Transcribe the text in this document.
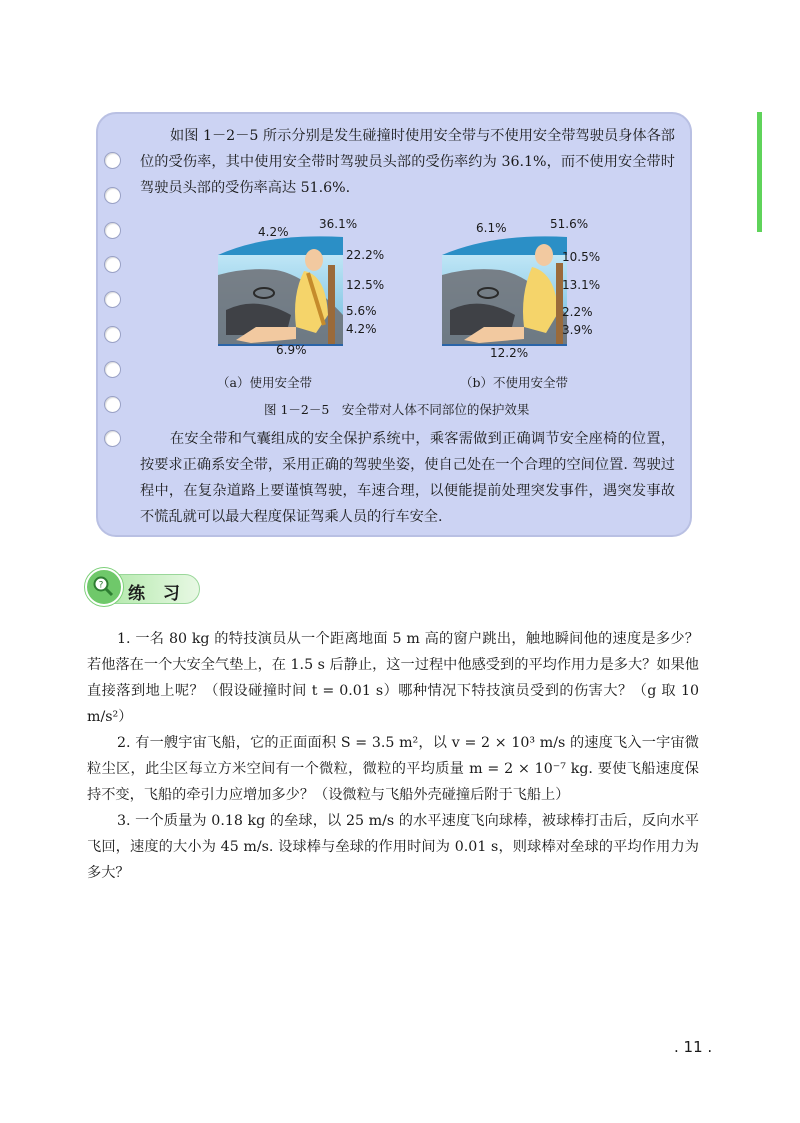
如图 1－2－5 所示分别是发生碰撞时使用安全带与不使用安全带驾驶员身体各部位的受伤率，其中使用安全带时驾驶员头部的受伤率约为 36.1%，而不使用安全带时驾驶员头部的受伤率高达 51.6%.
4.2%
36.1%
22.2%
12.5%
5.6%
4.2%
6.9%
6.1%	51.6%
10.5%
13.1%
2.2%
3.9%
12.2%
（a）使用安全带	（b）不使用安全带
图 1－2－5　安全带对人体不同部位的保护效果
在安全带和气囊组成的安全保护系统中，乘客需做到正确调节安全座椅的位置，按要求正确系安全带，采用正确的驾驶坐姿，使自己处在一个合理的空间位置. 驾驶过程中，在复杂道路上要谨慎驾驶，车速合理，以便能提前处理突发事件，遇突发事故不慌乱就可以最大程度保证驾乘人员的行车安全.
? 练 习
1. 一名 80 kg 的特技演员从一个距离地面 5 m 高的窗户跳出，触地瞬间他的速度是多少？若他落在一个大安全气垫上，在 1.5 s 后静止，这一过程中他感受到的平均作用力是多大？如果他直接落到地上呢？（假设碰撞时间 t = 0.01 s）哪种情况下特技演员受到的伤害大？（g 取 10 m/s²）
2. 有一艘宇宙飞船，它的正面面积 S = 3.5 m²，以 v = 2 × 10³ m/s 的速度飞入一宇宙微粒尘区，此尘区每立方米空间有一个微粒，微粒的平均质量 m = 2 × 10⁻⁷ kg. 要使飞船速度保持不变，飞船的牵引力应增加多少？（设微粒与飞船外壳碰撞后附于飞船上）
3. 一个质量为 0.18 kg 的垒球，以 25 m/s 的水平速度飞向球棒，被球棒打击后，反向水平飞回，速度的大小为 45 m/s. 设球棒与垒球的作用时间为 0.01 s，则球棒对垒球的平均作用力为多大？
. 11 .
